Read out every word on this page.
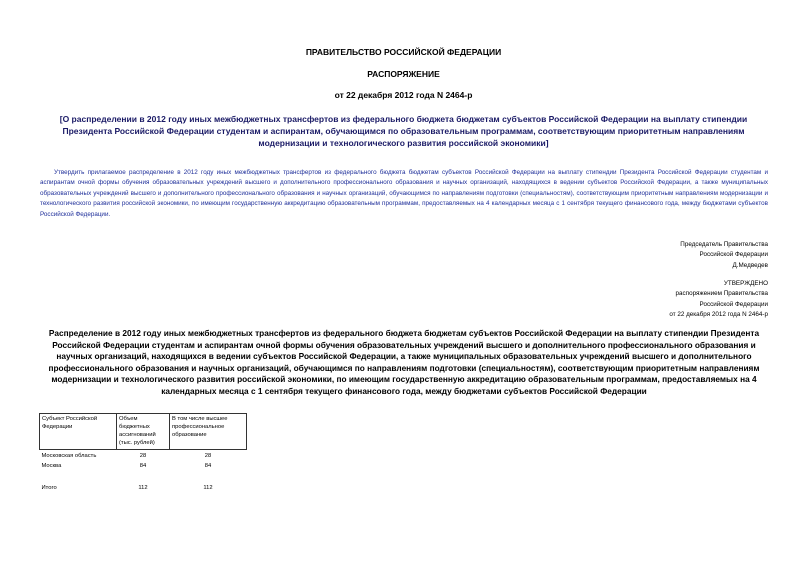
ПРАВИТЕЛЬСТВО РОССИЙСКОЙ ФЕДЕРАЦИИ
РАСПОРЯЖЕНИЕ
от 22 декабря 2012 года N 2464-р
[О распределении в 2012 году иных межбюджетных трансфертов из федерального бюджета бюджетам субъектов Российской Федерации на выплату стипендии Президента Российской Федерации студентам и аспирантам, обучающимся по образовательным программам, соответствующим приоритетным направлениям модернизации и технологического развития российской экономики]
Утвердить прилагаемое распределение в 2012 году иных межбюджетных трансфертов из федерального бюджета бюджетам субъектов Российской Федерации на выплату стипендии Президента Российской Федерации студентам и аспирантам очной формы обучения образовательных учреждений высшего и дополнительного профессионального образования и научных организаций, находящихся в ведении субъектов Российской Федерации, а также муниципальных образовательных учреждений высшего и дополнительного профессионального образования и научных организаций, обучающимся по направлениям подготовки (специальностям), соответствующим приоритетным направлениям модернизации и технологического развития российской экономики, по имеющим государственную аккредитацию образовательным программам, предоставляемых на 4 календарных месяца с 1 сентября текущего финансового года, между бюджетами субъектов Российской Федерации.
Председатель Правительства
Российской Федерации
Д.Медведев
УТВЕРЖДЕНО
распоряжением Правительства
Российской Федерации
от 22 декабря 2012 года N 2464-р
Распределение в 2012 году иных межбюджетных трансфертов из федерального бюджета бюджетам субъектов Российской Федерации на выплату стипендии Президента Российской Федерации студентам и аспирантам очной формы обучения образовательных учреждений высшего и дополнительного профессионального образования и научных организаций, находящихся в ведении субъектов Российской Федерации, а также муниципальных образовательных учреждений высшего и дополнительного профессионального образования и научных организаций, обучающимся по направлениям подготовки (специальностям), соответствующим приоритетным направлениям модернизации и технологического развития российской экономики, по имеющим государственную аккредитацию образовательным программам, предоставляемых на 4 календарных месяца с 1 сентября текущего финансового года, между бюджетами субъектов Российской Федерации
Субъект Российской Федерации	Объем бюджетных ассигнований (тыс. рублей)	В том числе высшее профессиональное образование
Московская область	28	28
Москва	84	84

Итого	112	112
